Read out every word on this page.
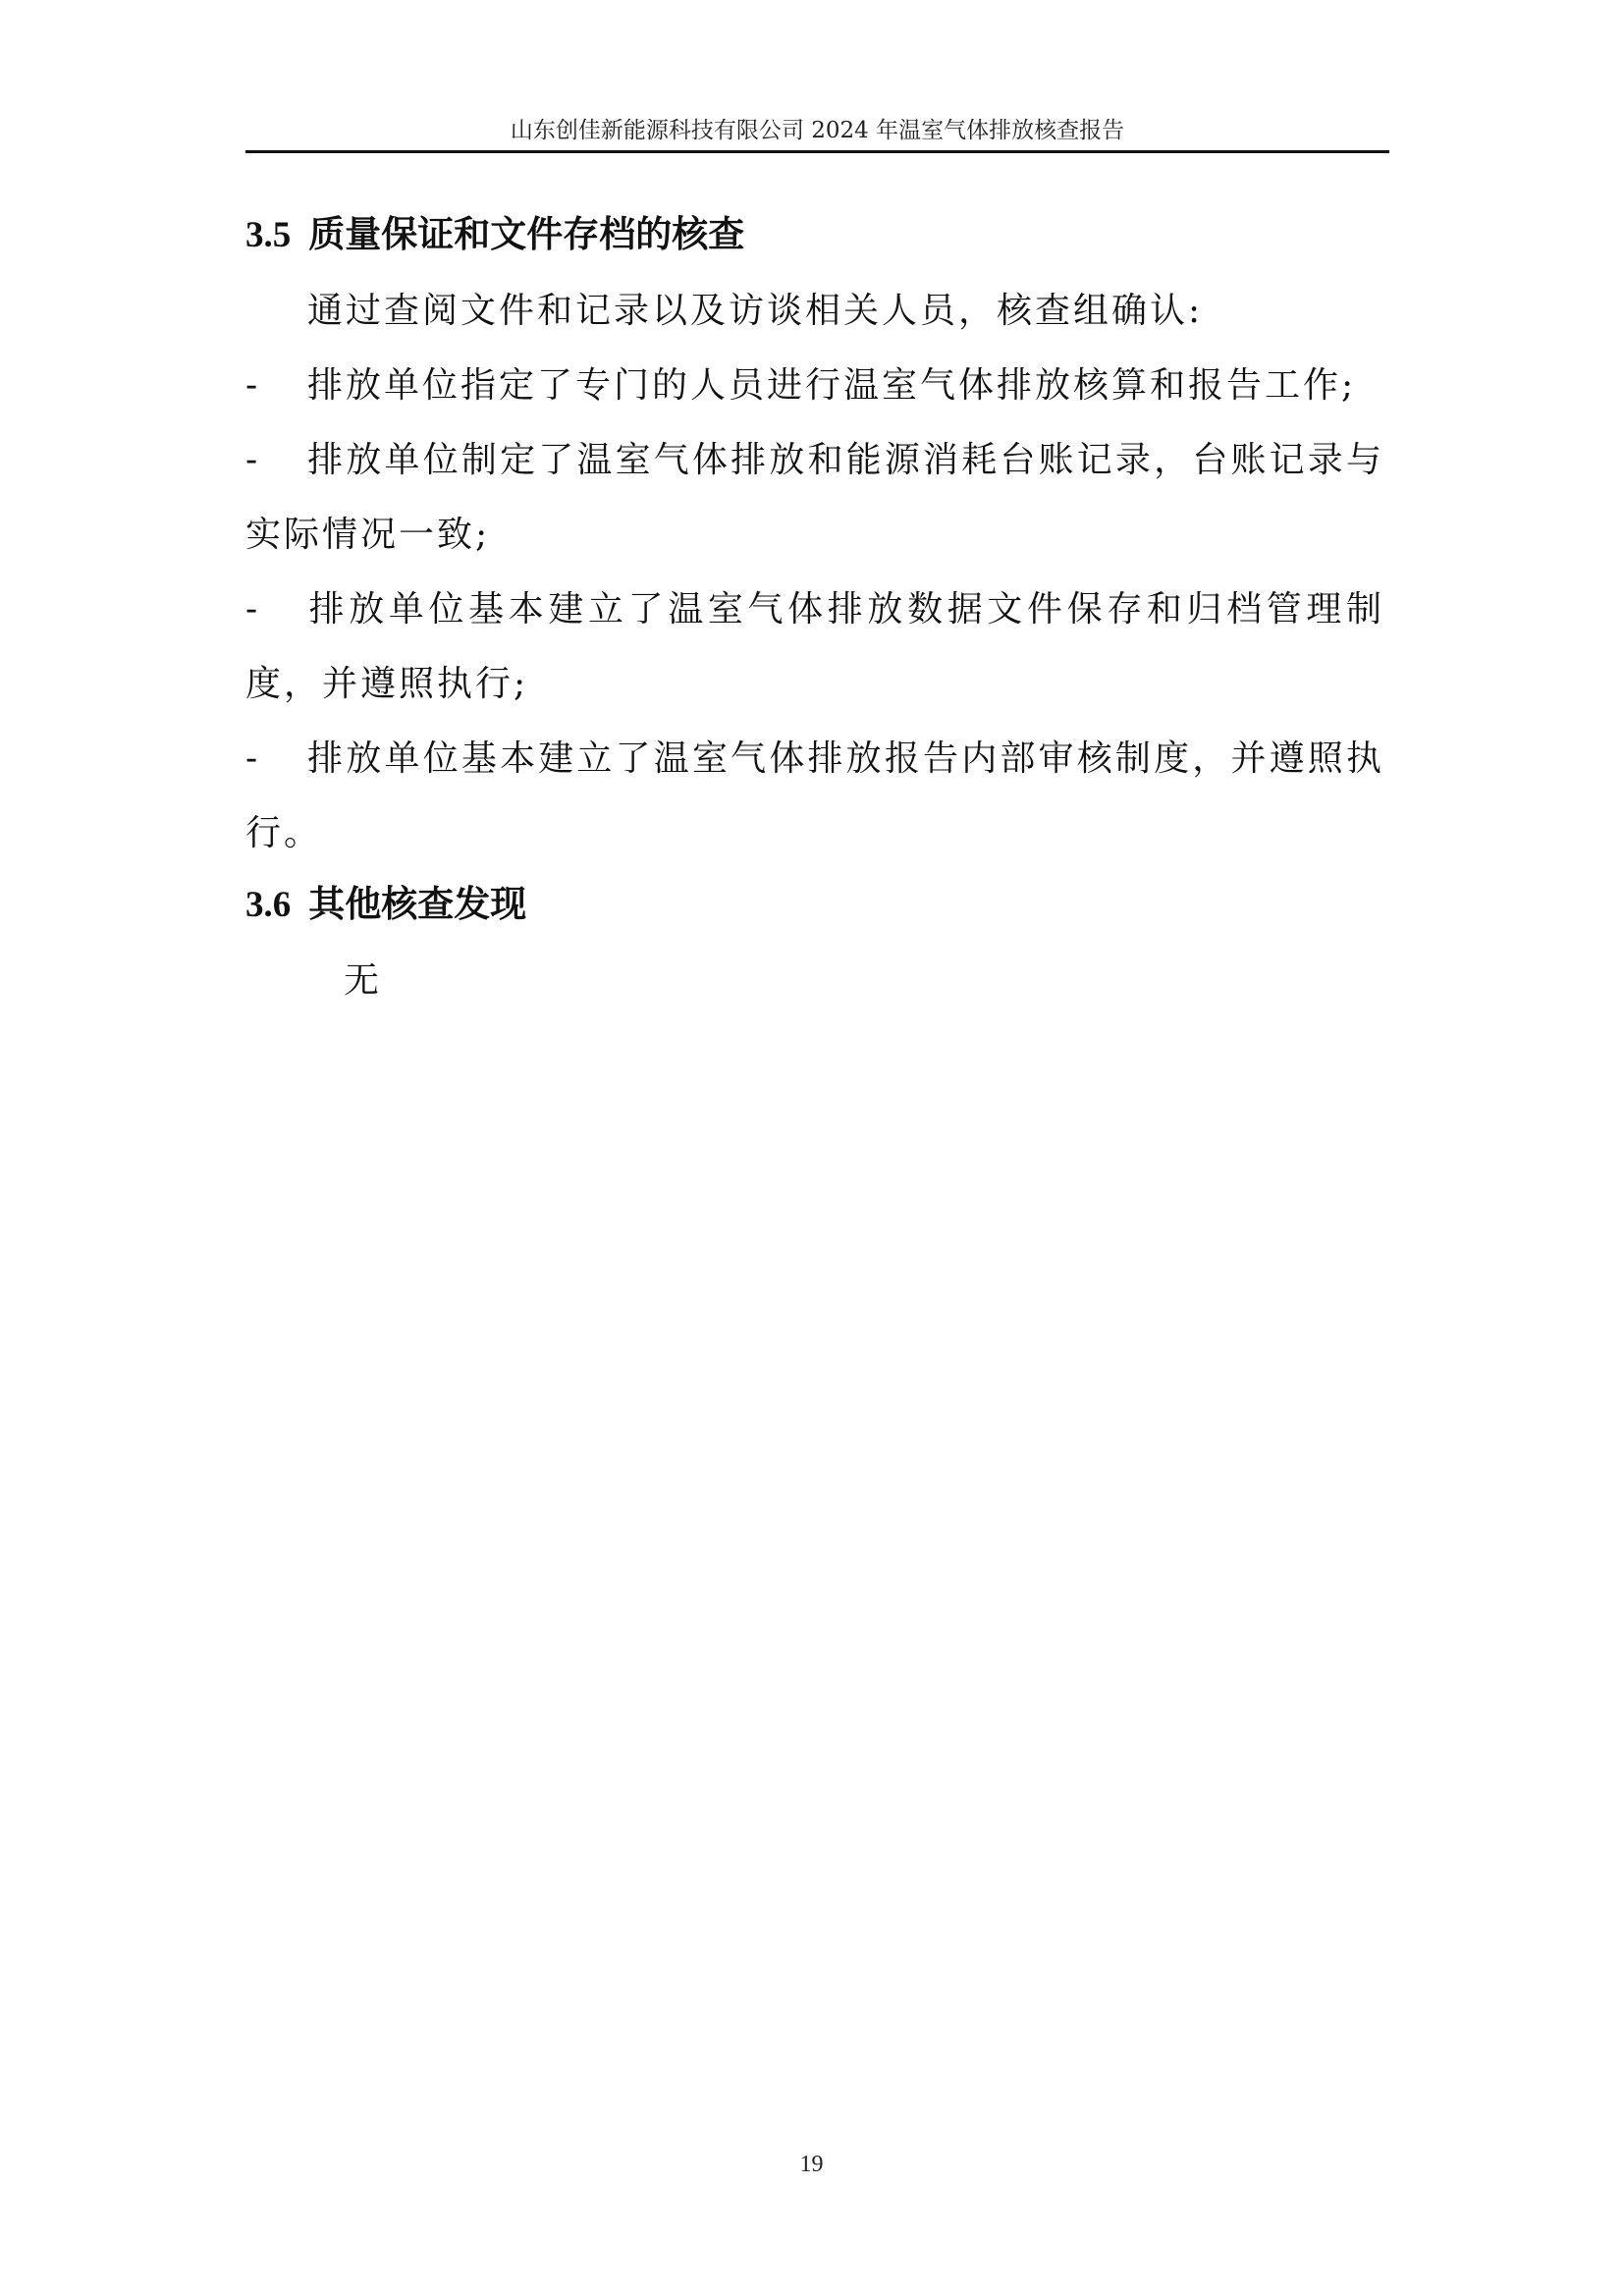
山东创佳新能源科技有限公司 2024 年温室气体排放核查报告
3.5 质量保证和文件存档的核查
通过查阅文件和记录以及访谈相关人员，核查组确认:
- 排放单位指定了专门的人员进行温室气体排放核算和报告工作;
- 排放单位制定了温室气体排放和能源消耗台账记录，台账记录与实际情况一致;
- 排放单位基本建立了温室气体排放数据文件保存和归档管理制度，并遵照执行;
- 排放单位基本建立了温室气体排放报告内部审核制度，并遵照执行。
3.6 其他核查发现
无
19
